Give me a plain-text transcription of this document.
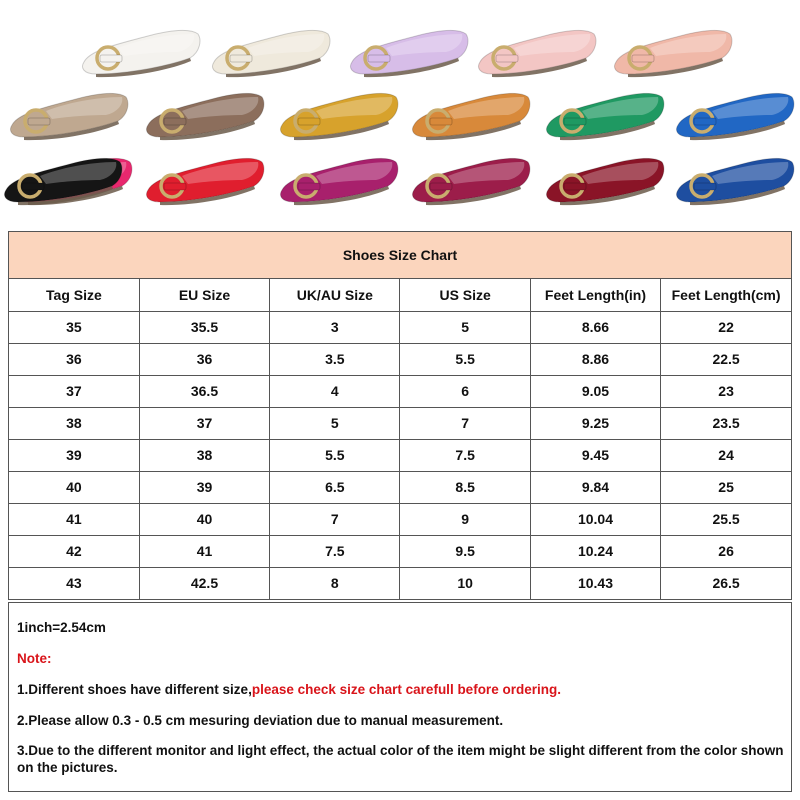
Shoes Size Chart
Tag Size	EU Size	UK/AU Size	US Size	Feet Length(in)	Feet Length(cm)
35	35.5	3	5	8.66	22
36	36	3.5	5.5	8.86	22.5
37	36.5	4	6	9.05	23
38	37	5	7	9.25	23.5
39	38	5.5	7.5	9.45	24
40	39	6.5	8.5	9.84	25
41	40	7	9	10.04	25.5
42	41	7.5	9.5	10.24	26
43	42.5	8	10	10.43	26.5
1inch=2.54cm
Note:
1.Different shoes have different size,please check size chart carefull before ordering.
2.Please allow 0.3 - 0.5 cm mesuring deviation due to manual measurement.
3.Due to the different monitor and light effect, the actual color of the item might be slight different from the color shown on the pictures.
